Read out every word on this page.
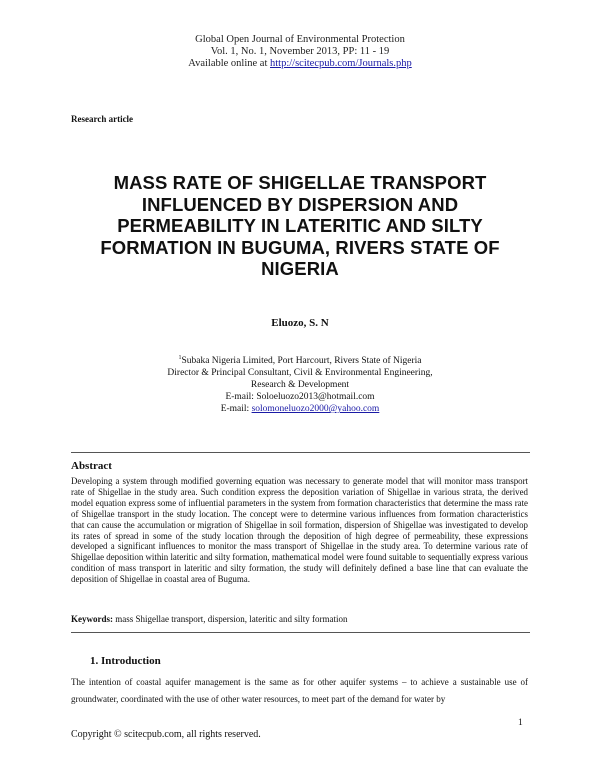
Global Open Journal of Environmental Protection
Vol. 1, No. 1, November 2013, PP: 11 - 19
Available online at http://scitecpub.com/Journals.php
Research article
MASS RATE OF SHIGELLAE TRANSPORT INFLUENCED BY DISPERSION AND PERMEABILITY IN LATERITIC AND SILTY FORMATION IN BUGUMA, RIVERS STATE OF NIGERIA
Eluozo, S. N
$^1$Subaka Nigeria Limited, Port Harcourt, Rivers State of Nigeria
Director & Principal Consultant, Civil & Environmental Engineering,
Research & Development
E-mail: Soloeluozo2013@hotmail.com
E-mail: solomoneluozo2000@yahoo.com
Abstract
Developing a system through modified governing equation was necessary to generate model that will monitor mass transport rate of Shigellae in the study area. Such condition express the deposition variation of Shigellae in various strata, the derived model equation express some of influential parameters in the system from formation characteristics that determine the mass rate of Shigellae transport in the study location. The concept were to determine various influences from formation characteristics that can cause the accumulation or migration of Shigellae in soil formation, dispersion of Shigellae was investigated to develop its rates of spread in some of the study location through the deposition of high degree of permeability, these expressions developed a significant influences to monitor the mass transport of Shigellae in the study area. To determine various rate of Shigellae deposition within lateritic and silty formation, mathematical model were found suitable to sequentially express various condition of mass transport in lateritic and silty formation, the study will definitely defined a base line that can evaluate the deposition of Shigellae in coastal area of Buguma.
Keywords: mass Shigellae transport, dispersion, lateritic and silty formation
1. Introduction
The intention of coastal aquifer management is the same as for other aquifer systems – to achieve a sustainable use of groundwater, coordinated with the use of other water resources, to meet part of the demand for water by
1
Copyright © scitecpub.com, all rights reserved.
